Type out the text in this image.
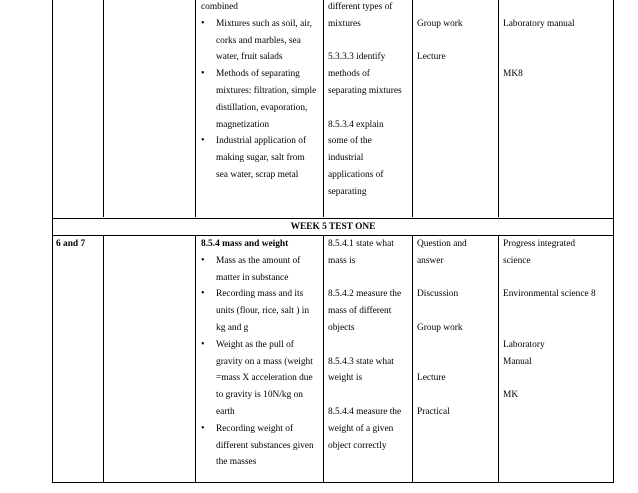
combined
• Mixtures such as soil, air,
corks and marbles, sea
water, fruit salads
• Methods of separating
mixtures: filtration, simple
distillation, evaporation,
magnetization
• Industrial application of
making sugar, salt from
sea water, scrap metal
different types of
mixtures
5.3.3.3 identify
methods of
separating mixtures
8.5.3.4 explain
some of the
industrial
applications of
separating
Group work
Lecture
Laboratory manual
MK8
WEEK 5 TEST ONE
6 and 7	8.5.4 mass and weight
• Mass as the amount of
matter in substance
• Recording mass and its
units (flour, rice, salt ) in
kg and g
• Weight as the pull of
gravity on a mass (weight
=mass X acceleration due
to gravity is 10N/kg on
earth
• Recording weight of
different substances given
the masses
8.5.4.1 state what
mass is
8.5.4.2 measure the
mass of different
objects
8.5.4.3 state what
weight is
8.5.4.4 measure the
weight of a given
object correctly
Question and
answer
Discussion
Group work
Lecture
Practical
Progress integrated
science
Environmental science 8
Laboratory
Manual
MK
